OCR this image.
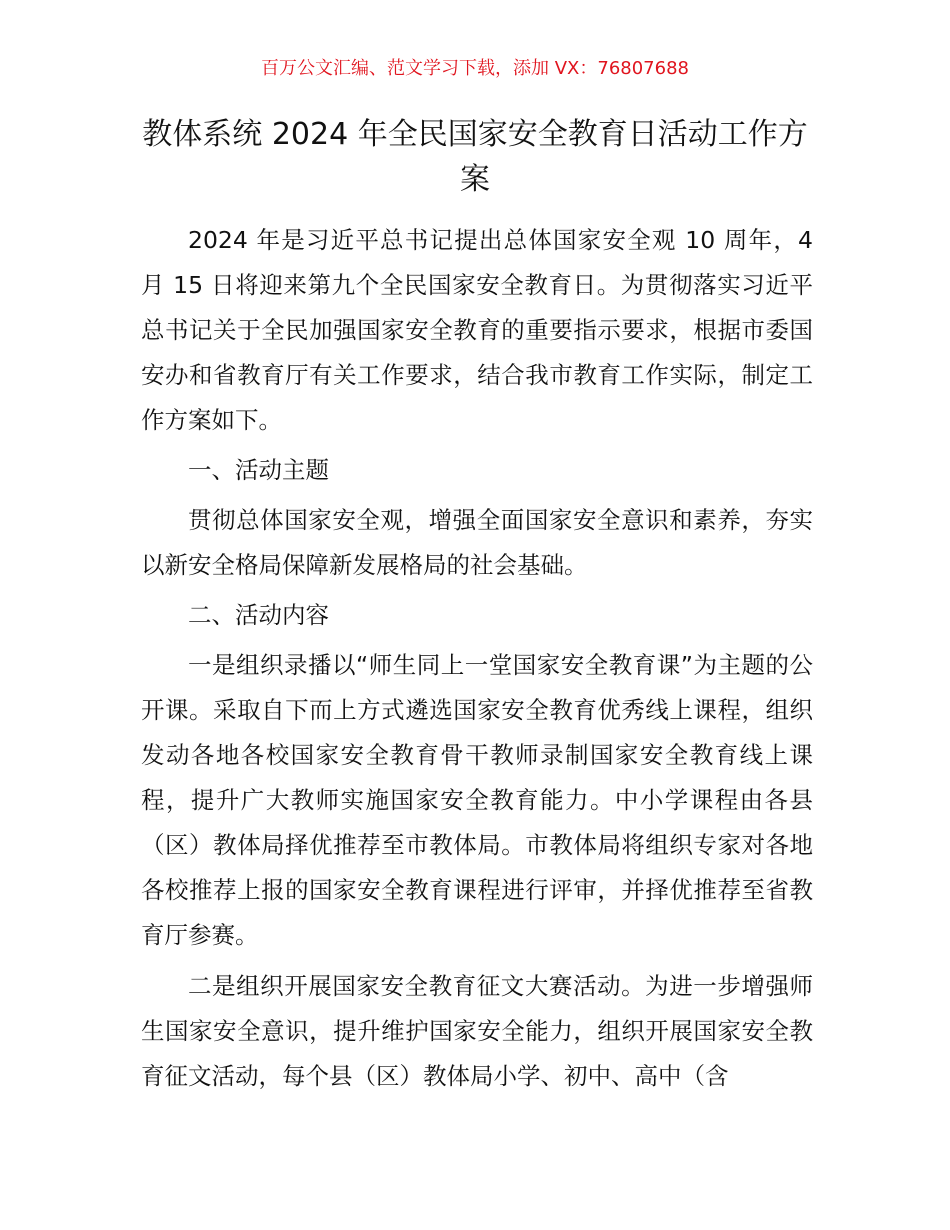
百万公文汇编、范文学习下载，添加 VX：76807688
教体系统 2024 年全民国家安全教育日活动工作方案

2024 年是习近平总书记提出总体国家安全观 10 周年，4 月 15 日将迎来第九个全民国家安全教育日。为贯彻落实习近平总书记关于全民加强国家安全教育的重要指示要求，根据市委国安办和省教育厅有关工作要求，结合我市教育工作实际，制定工作方案如下。

一、活动主题

贯彻总体国家安全观，增强全面国家安全意识和素养，夯实以新安全格局保障新发展格局的社会基础。

二、活动内容

一是组织录播以“师生同上一堂国家安全教育课”为主题的公开课。采取自下而上方式遴选国家安全教育优秀线上课程，组织发动各地各校国家安全教育骨干教师录制国家安全教育线上课程，提升广大教师实施国家安全教育能力。中小学课程由各县（区）教体局择优推荐至市教体局。市教体局将组织专家对各地各校推荐上报的国家安全教育课程进行评审，并择优推荐至省教育厅参赛。

二是组织开展国家安全教育征文大赛活动。为进一步增强师生国家安全意识，提升维护国家安全能力，组织开展国家安全教育征文活动，每个县（区）教体局小学、初中、高中（含
